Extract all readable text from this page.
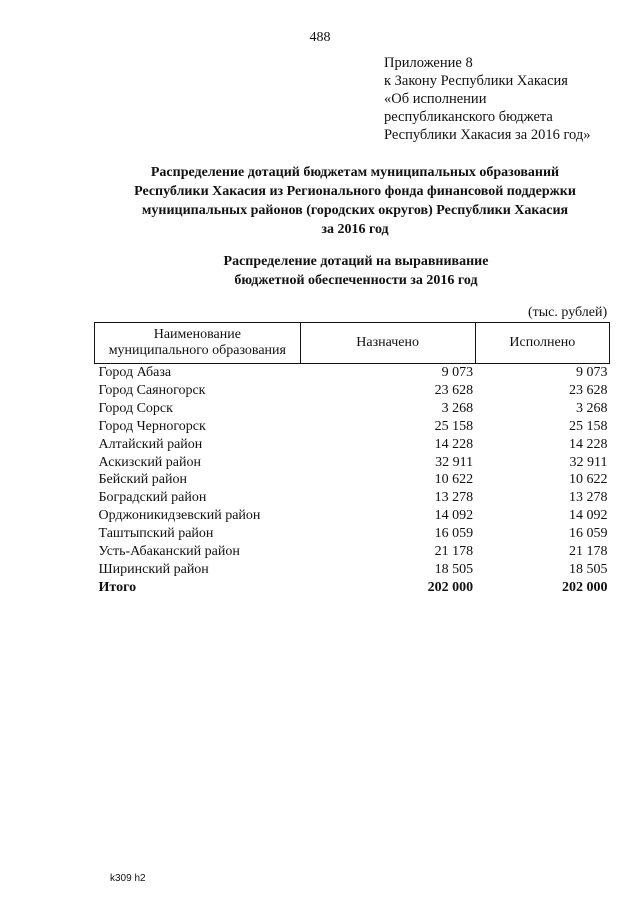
488
Приложение 8
к Закону Республики Хакасия
«Об исполнении
республиканского бюджета
Республики Хакасия за 2016 год»
Распределение дотаций бюджетам муниципальных образований
Республики Хакасия из Регионального фонда финансовой поддержки
муниципальных районов (городских округов) Республики Хакасия
за 2016 год
Распределение дотаций на выравнивание
бюджетной обеспеченности за 2016 год
(тыс. рублей)
Наименование
муниципального образования	Назначено	Исполнено
Город Абаза	9 073	9 073
Город Саяногорск	23 628	23 628
Город Сорск	3 268	3 268
Город Черногорск	25 158	25 158
Алтайский район	14 228	14 228
Аскизский район	32 911	32 911
Бейский район	10 622	10 622
Боградский район	13 278	13 278
Орджоникидзевский район	14 092	14 092
Таштыпский район	16 059	16 059
Усть-Абаканский район	21 178	21 178
Ширинский район	18 505	18 505
Итого	202 000	202 000
k309 h2
